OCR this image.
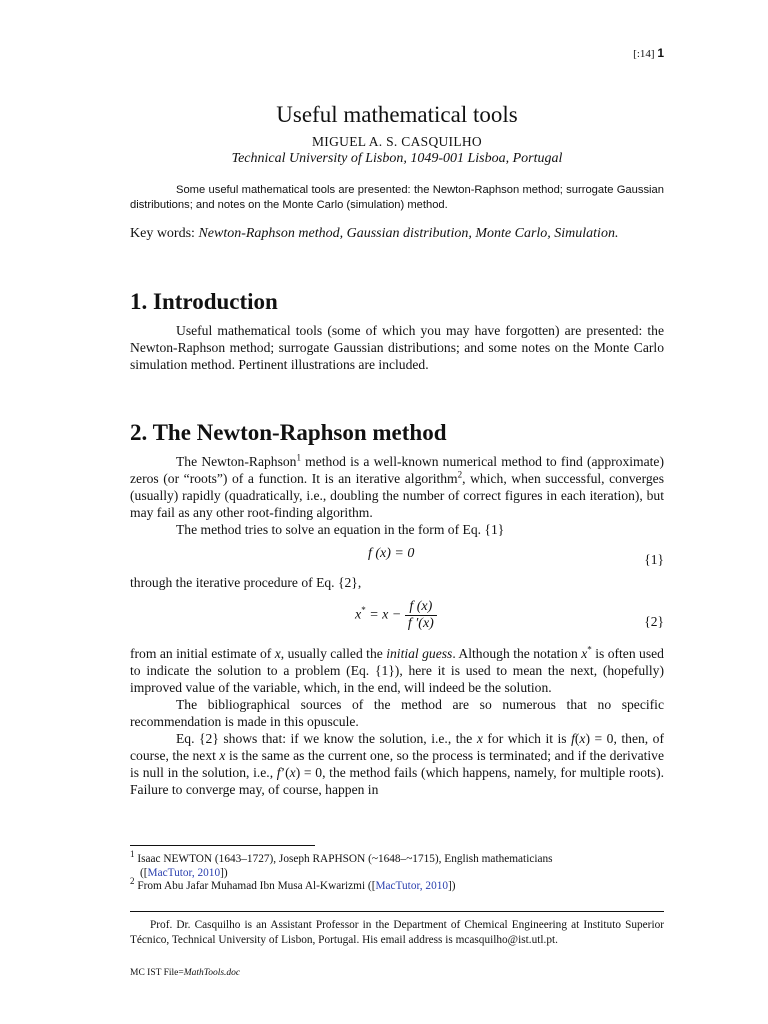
[:14] 1
Useful mathematical tools
MIGUEL A. S. CASQUILHO
Technical University of Lisbon, 1049-001 Lisboa, Portugal
Some useful mathematical tools are presented: the Newton-Raphson method; surrogate Gaussian distributions; and notes on the Monte Carlo (simulation) method.
Key words: Newton-Raphson method, Gaussian distribution, Monte Carlo, Simulation.
1. Introduction
Useful mathematical tools (some of which you may have forgotten) are presented: the Newton-Raphson method; surrogate Gaussian distributions; and some notes on the Monte Carlo simulation method. Pertinent illustrations are included.
2. The Newton-Raphson method
The Newton-Raphson$^1$ method is a well-known numerical method to find (approximate) zeros (or “roots”) of a function. It is an iterative algorithm$^2$, which, when successful, converges (usually) rapidly (quadratically, i.e., doubling the number of correct figures in each iteration), but may fail as any other root-finding algorithm.
The method tries to solve an equation in the form of Eq. {1}
f (x) = 0	{1}
through the iterative procedure of Eq. {2},
$x^* = x - \frac{f (x)}{f '(x)}$	{2}
from an initial estimate of x, usually called the initial guess. Although the notation x* is often used to indicate the solution to a problem (Eq. {1}), here it is used to mean the next, (hopefully) improved value of the variable, which, in the end, will indeed be the solution.
The bibliographical sources of the method are so numerous that no specific recommendation is made in this opuscule.
Eq. {2} shows that: if we know the solution, i.e., the x for which it is f(x) = 0, then, of course, the next x is the same as the current one, so the process is terminated; and if the derivative is null in the solution, i.e., f’(x) = 0, the method fails (which happens, namely, for multiple roots). Failure to converge may, of course, happen in
$^1$ Isaac NEWTON (1643–1727), Joseph RAPHSON (~1648–~1715), English mathematicians
([MacTutor, 2010])
$^2$ From Abu Jafar Muhamad Ibn Musa Al-Kwarizmi ([MacTutor, 2010])
Prof. Dr. Casquilho is an Assistant Professor in the Department of Chemical Engineering at Instituto Superior Técnico, Technical University of Lisbon, Portugal. His email address is mcasquilho@ist.utl.pt.
MC IST File=MathTools.doc
